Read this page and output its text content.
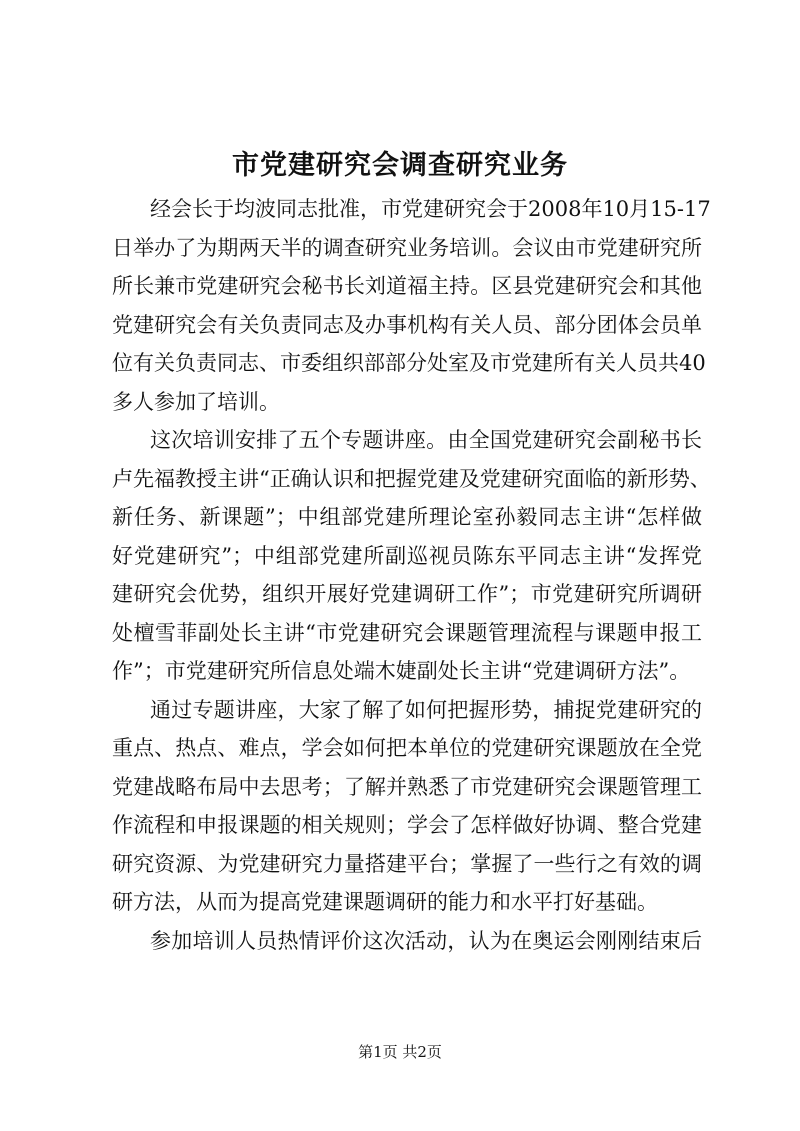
市党建研究会调查研究业务
经会长于均波同志批准，市党建研究会于2008年10月15-17
日举办了为期两天半的调查研究业务培训。会议由市党建研究所
所长兼市党建研究会秘书长刘道福主持。区县党建研究会和其他
党建研究会有关负责同志及办事机构有关人员、部分团体会员单
位有关负责同志、市委组织部部分处室及市党建所有关人员共40
多人参加了培训。
这次培训安排了五个专题讲座。由全国党建研究会副秘书长
卢先福教授主讲“正确认识和把握党建及党建研究面临的新形势、
新任务、新课题”；中组部党建所理论室孙毅同志主讲“怎样做
好党建研究”；中组部党建所副巡视员陈东平同志主讲“发挥党
建研究会优势，组织开展好党建调研工作”；市党建研究所调研
处檀雪菲副处长主讲“市党建研究会课题管理流程与课题申报工
作”；市党建研究所信息处端木婕副处长主讲“党建调研方法”。
通过专题讲座，大家了解了如何把握形势，捕捉党建研究的
重点、热点、难点，学会如何把本单位的党建研究课题放在全党
党建战略布局中去思考；了解并熟悉了市党建研究会课题管理工
作流程和申报课题的相关规则；学会了怎样做好协调、整合党建
研究资源、为党建研究力量搭建平台；掌握了一些行之有效的调
研方法，从而为提高党建课题调研的能力和水平打好基础。
参加培训人员热情评价这次活动，认为在奥运会刚刚结束后
第1页 共2页
